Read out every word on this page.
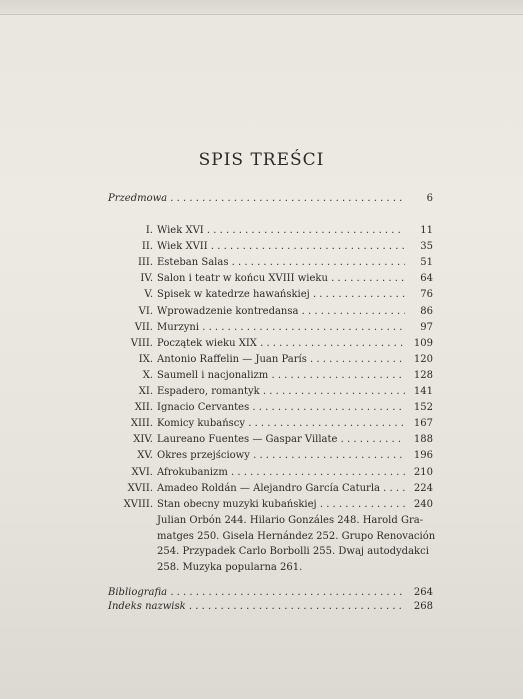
SPIS TREŚCI
Przedmowa . . .	6
I. Wiek XVI . . .	11
II. Wiek XVII . . .	35
III. Esteban Salas . . .	51
IV. Salon i teatr w końcu XVIII wieku . . .	64
V. Spisek w katedrze hawańskiej . . .	76
VI. Wprowadzenie kontredansa . . .	86
VII. Murzyni . . .	97
VIII. Początek wieku XIX . . .	109
IX. Antonio Raffelin — Juan París . . .	120
X. Saumell i nacjonalizm . . .	128
XI. Espadero, romantyk . . .	141
XII. Ignacio Cervantes . . .	152
XIII. Komicy kubańscy . . .	167
XIV. Laureano Fuentes — Gaspar Villate . . .	188
XV. Okres przejściowy . . .	196
XVI. Afrokubanizm . . .	210
XVII. Amadeo Roldán — Alejandro García Caturla . . .	224
XVIII. Stan obecny muzyki kubańskiej . . .	240
Julian Orbón 244. Hilario Gonzáles 248. Harold Gra-
matges 250. Gisela Hernández 252. Grupo Renovación
254. Przypadek Carlo Borbolli 255. Dwaj autodydakci
258. Muzyka popularna 261.
Bibliografia . . .	264
Indeks nazwisk . . .	268
